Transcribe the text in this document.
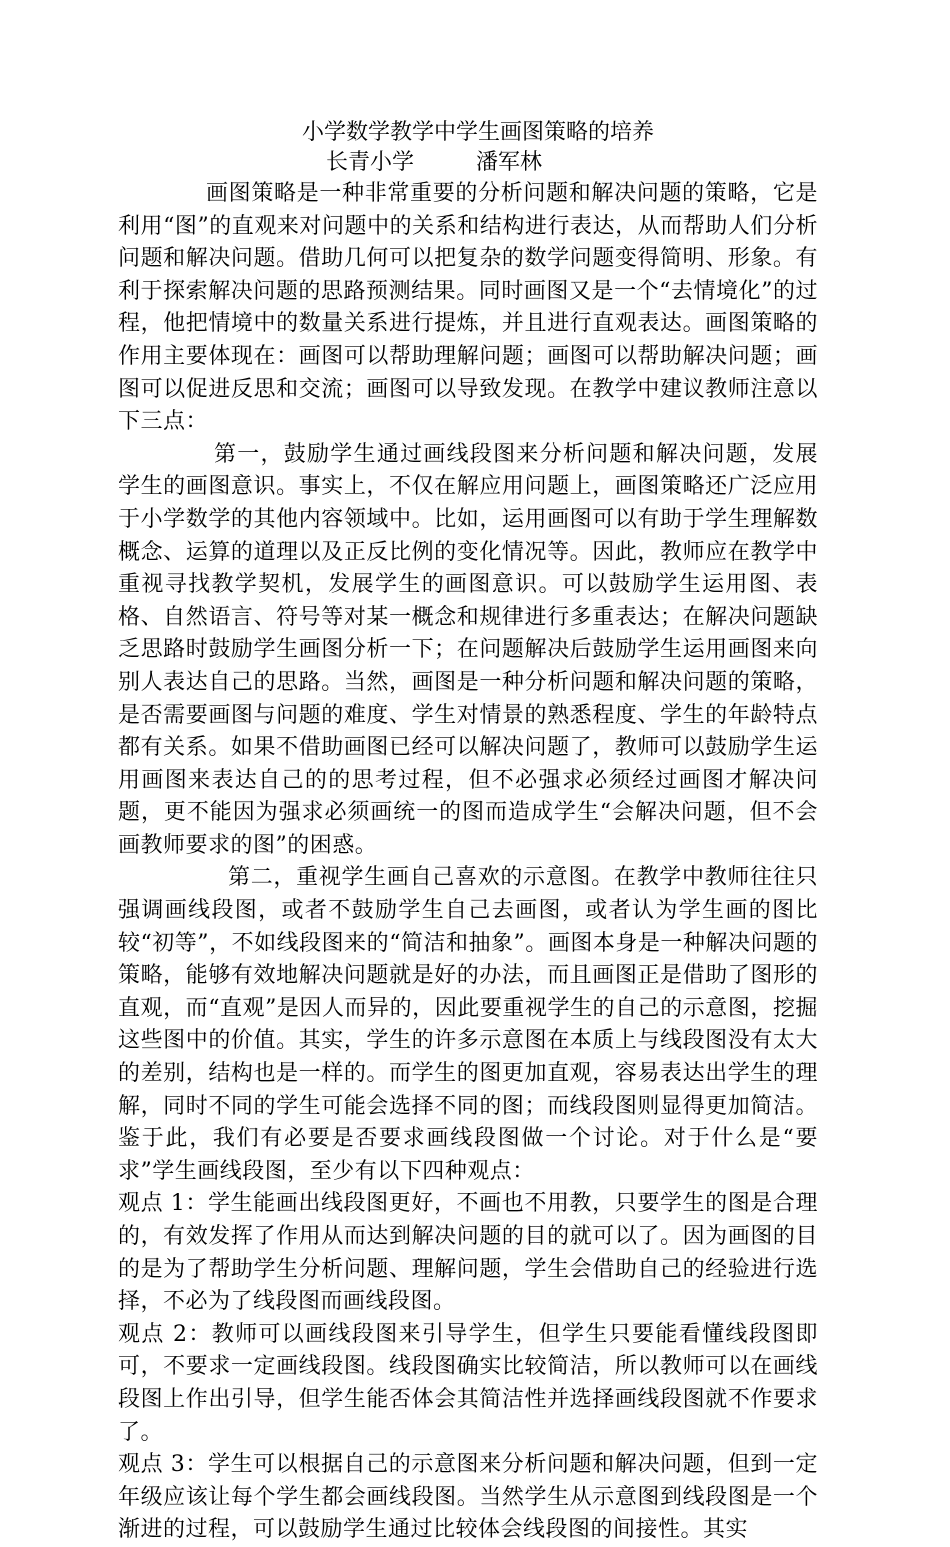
小学数学教学中学生画图策略的培养

长青小学	潘军林

画图策略是一种非常重要的分析问题和解决问题的策略，它是利用“图”的直观来对问题中的关系和结构进行表达，从而帮助人们分析问题和解决问题。借助几何可以把复杂的数学问题变得简明、形象。有利于探索解决问题的思路预测结果。同时画图又是一个“去情境化”的过程，他把情境中的数量关系进行提炼，并且进行直观表达。画图策略的作用主要体现在：画图可以帮助理解问题；画图可以帮助解决问题；画图可以促进反思和交流；画图可以导致发现。在教学中建议教师注意以下三点：

第一，鼓励学生通过画线段图来分析问题和解决问题，发展学生的画图意识。事实上，不仅在解应用问题上，画图策略还广泛应用于小学数学的其他内容领域中。比如，运用画图可以有助于学生理解数概念、运算的道理以及正反比例的变化情况等。因此，教师应在教学中重视寻找教学契机，发展学生的画图意识。可以鼓励学生运用图、表格、自然语言、符号等对某一概念和规律进行多重表达；在解决问题缺乏思路时鼓励学生画图分析一下；在问题解决后鼓励学生运用画图来向别人表达自己的思路。当然，画图是一种分析问题和解决问题的策略，是否需要画图与问题的难度、学生对情景的熟悉程度、学生的年龄特点都有关系。如果不借助画图已经可以解决问题了，教师可以鼓励学生运用画图来表达自己的的思考过程，但不必强求必须经过画图才解决问题，更不能因为强求必须画统一的图而造成学生“会解决问题，但不会画教师要求的图”的困惑。

第二，重视学生画自己喜欢的示意图。在教学中教师往往只强调画线段图，或者不鼓励学生自己去画图，或者认为学生画的图比较“初等”，不如线段图来的“简洁和抽象”。画图本身是一种解决问题的策略，能够有效地解决问题就是好的办法，而且画图正是借助了图形的直观，而“直观”是因人而异的，因此要重视学生的自己的示意图，挖掘这些图中的价值。其实，学生的许多示意图在本质上与线段图没有太大的差别，结构也是一样的。而学生的图更加直观，容易表达出学生的理解，同时不同的学生可能会选择不同的图；而线段图则显得更加简洁。鉴于此，我们有必要是否要求画线段图做一个讨论。对于什么是“要求”学生画线段图，至少有以下四种观点：

观点 1：学生能画出线段图更好，不画也不用教，只要学生的图是合理的，有效发挥了作用从而达到解决问题的目的就可以了。因为画图的目的是为了帮助学生分析问题、理解问题，学生会借助自己的经验进行选择，不必为了线段图而画线段图。

观点 2：教师可以画线段图来引导学生，但学生只要能看懂线段图即可，不要求一定画线段图。线段图确实比较简洁，所以教师可以在画线段图上作出引导，但学生能否体会其简洁性并选择画线段图就不作要求了。

观点 3：学生可以根据自己的示意图来分析问题和解决问题，但到一定年级应该让每个学生都会画线段图。当然学生从示意图到线段图是一个渐进的过程，可以鼓励学生通过比较体会线段图的间接性。其实
